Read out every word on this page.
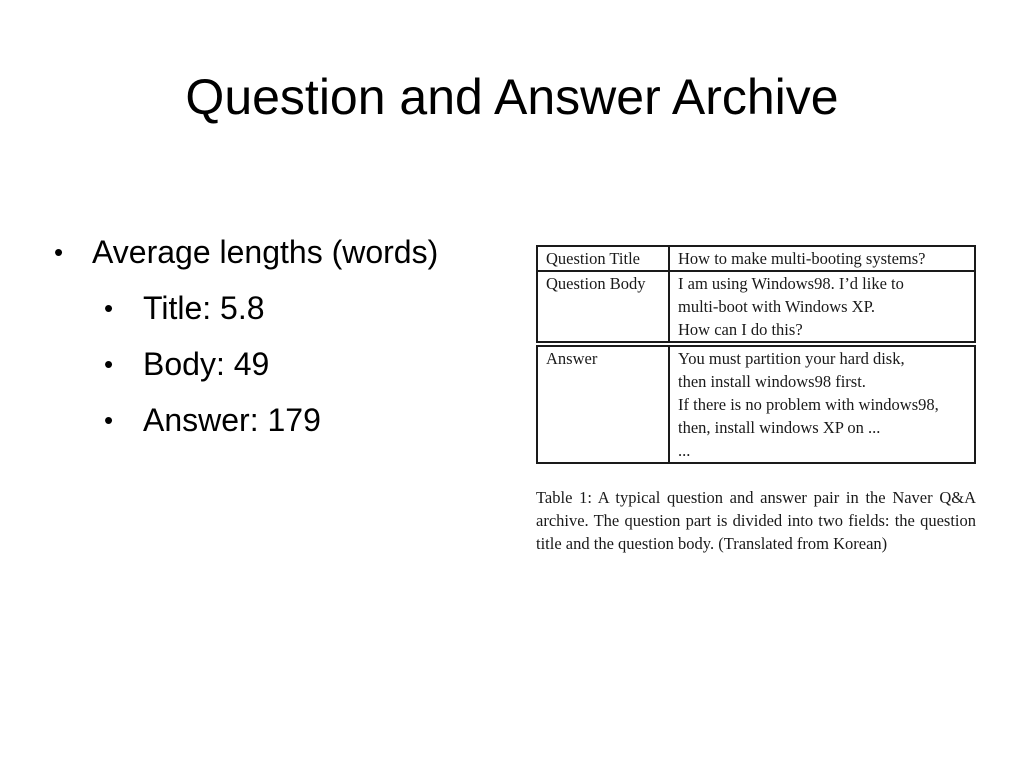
Question and Answer Archive
• Average lengths (words)
• Title: 5.8
• Body: 49
• Answer: 179
Question Title	How to make multi-booting systems?

Question Body	I am using Windows98. I’d like to
multi-boot with Windows XP.
How can I do this?

Answer	You must partition your hard disk,
then install windows98 first.
If there is no problem with windows98,
then, install windows XP on ...
...
Table 1: A typical question and answer pair in the Naver Q&A archive. The question part is divided into two fields: the question title and the question body. (Translated from Korean)
